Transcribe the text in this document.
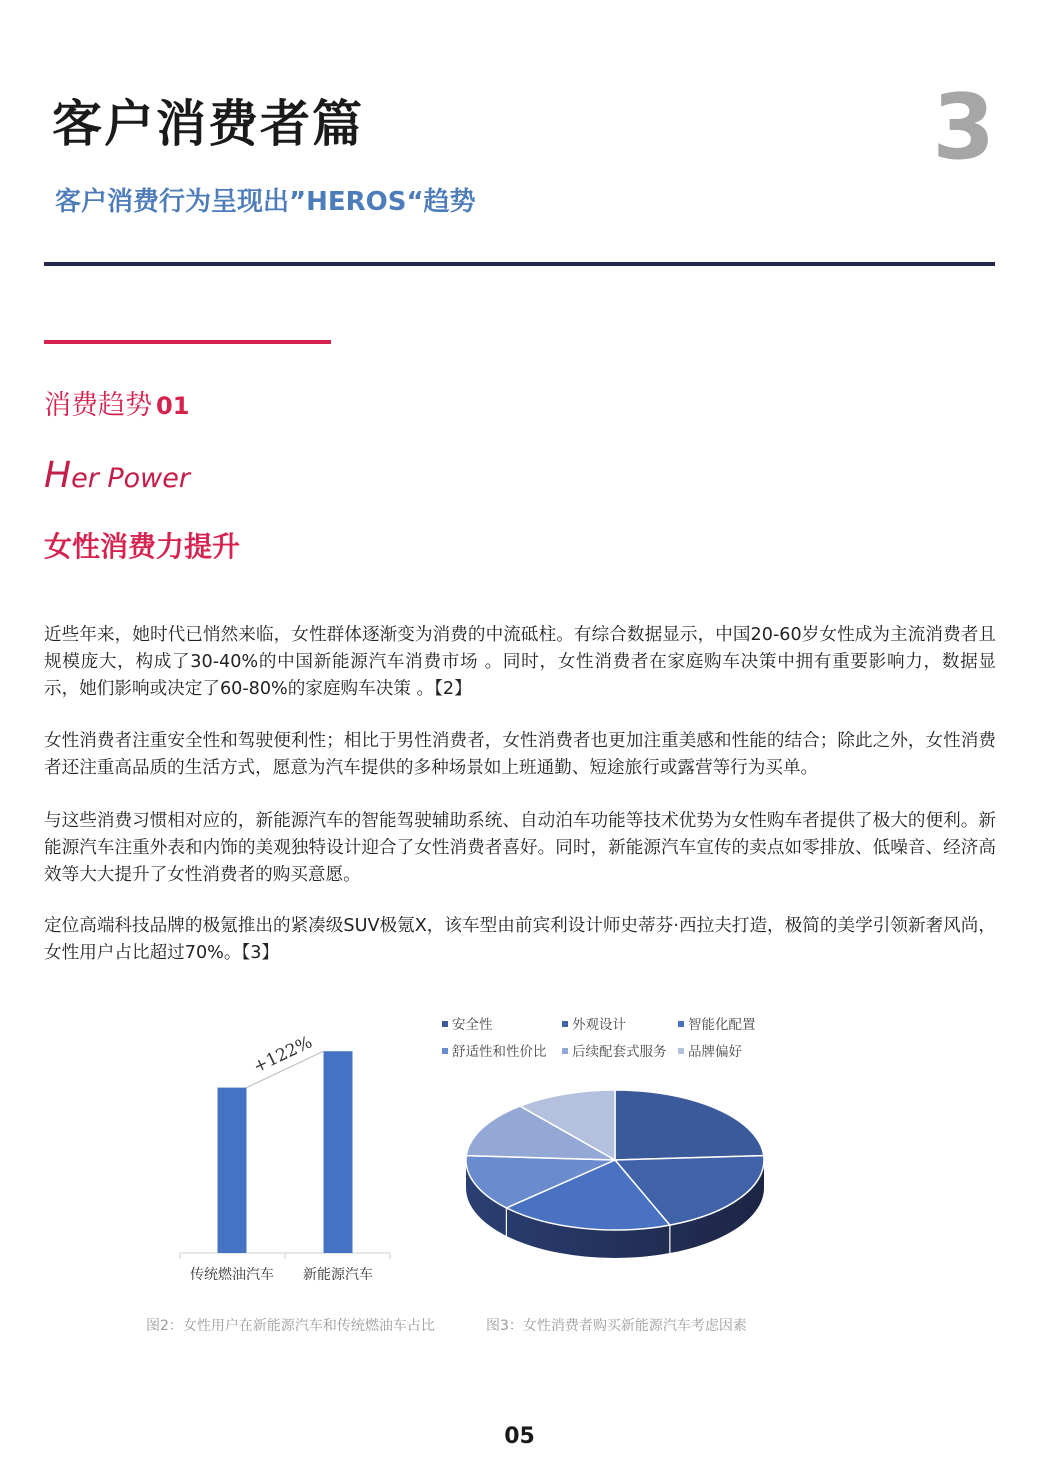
客户消费者篇	3
客户消费行为呈现出”HEROS“趋势
消费趋势 01
Her Power
女性消费力提升

近些年来，她时代已悄然来临，女性群体逐渐变为消费的中流砥柱。有综合数据显示，中国20-60岁女性成为主流消费者且规模庞大，构成了30-40%的中国新能源汽车消费市场 。同时，女性消费者在家庭购车决策中拥有重要影响力，数据显示，她们影响或决定了60-80%的家庭购车决策 。【2】

女性消费者注重安全性和驾驶便利性；相比于男性消费者，女性消费者也更加注重美感和性能的结合；除此之外，女性消费者还注重高品质的生活方式，愿意为汽车提供的多种场景如上班通勤、短途旅行或露营等行为买单。

与这些消费习惯相对应的，新能源汽车的智能驾驶辅助系统、自动泊车功能等技术优势为女性购车者提供了极大的便利。新能源汽车注重外表和内饰的美观独特设计迎合了女性消费者喜好。同时，新能源汽车宣传的卖点如零排放、低噪音、经济高效等大大提升了女性消费者的购买意愿。

定位高端科技品牌的极氪推出的紧凑级SUV极氪X，该车型由前宾利设计师史蒂芬·西拉夫打造，极简的美学引领新奢风尚，女性用户占比超过70%。【3】

传统燃油汽车 新能源汽车
+122%
安全性	外观设计	智能化配置
舒适性和性价比 后续配套式服务 品牌偏好
图2：女性用户在新能源汽车和传统燃油车占比	图3：女性消费者购买新能源汽车考虑因素
05
